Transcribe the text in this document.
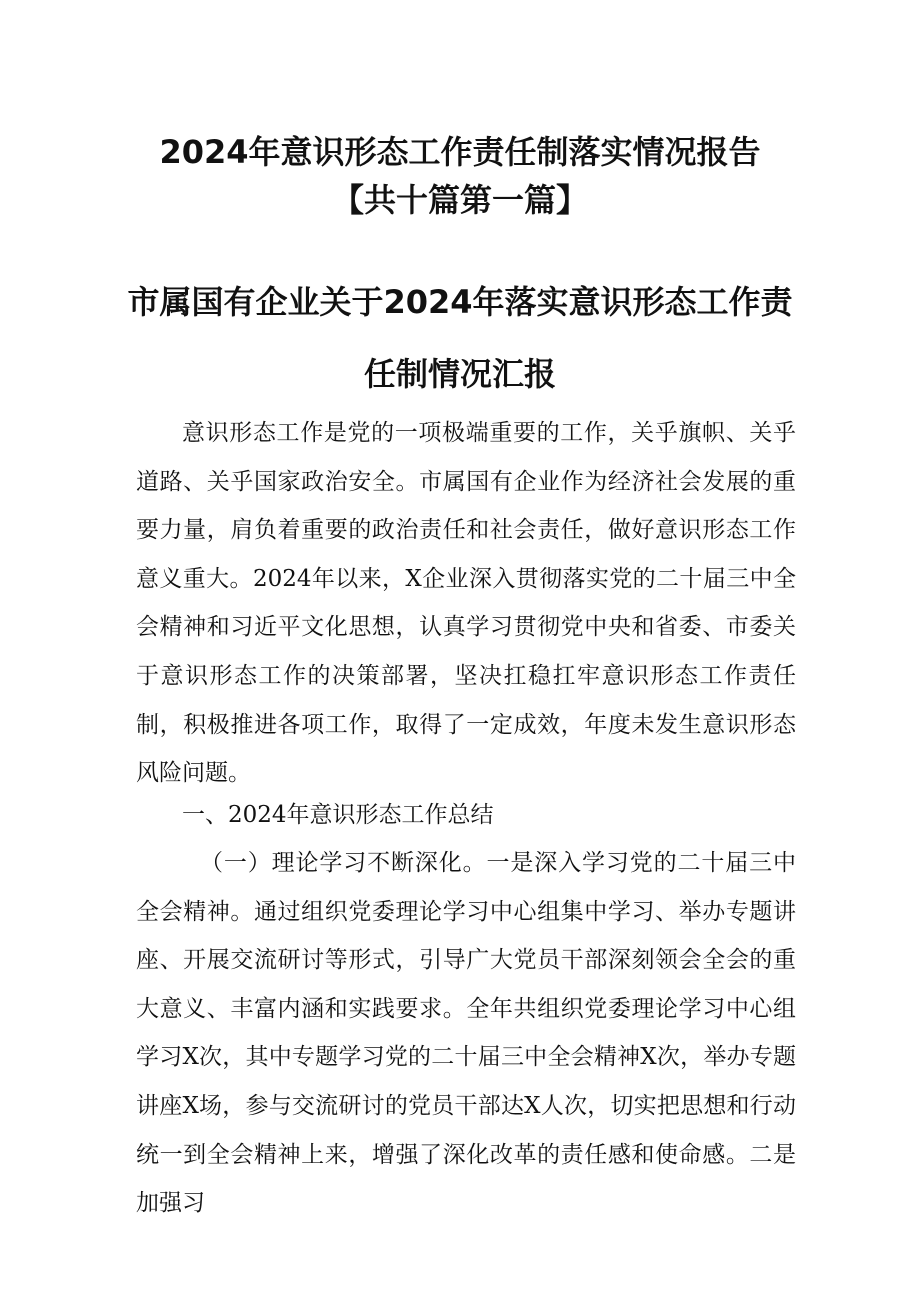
2024年意识形态工作责任制落实情况报告
【共十篇第一篇】
市属国有企业关于2024年落实意识形态工作责
任制情况汇报

意识形态工作是党的一项极端重要的工作，关乎旗帜、关乎道路、关乎国家政治安全。市属国有企业作为经济社会发展的重要力量，肩负着重要的政治责任和社会责任，做好意识形态工作意义重大。2024年以来，X企业深入贯彻落实党的二十届三中全会精神和习近平文化思想，认真学习贯彻党中央和省委、市委关于意识形态工作的决策部署，坚决扛稳扛牢意识形态工作责任制，积极推进各项工作，取得了一定成效，年度未发生意识形态风险问题。

一、2024年意识形态工作总结

（一）理论学习不断深化。一是深入学习党的二十届三中全会精神。通过组织党委理论学习中心组集中学习、举办专题讲座、开展交流研讨等形式，引导广大党员干部深刻领会全会的重大意义、丰富内涵和实践要求。全年共组织党委理论学习中心组学习X次，其中专题学习党的二十届三中全会精神X次，举办专题讲座X场，参与交流研讨的党员干部达X人次，切实把思想和行动统一到全会精神上来，增强了深化改革的责任感和使命感。二是加强习
